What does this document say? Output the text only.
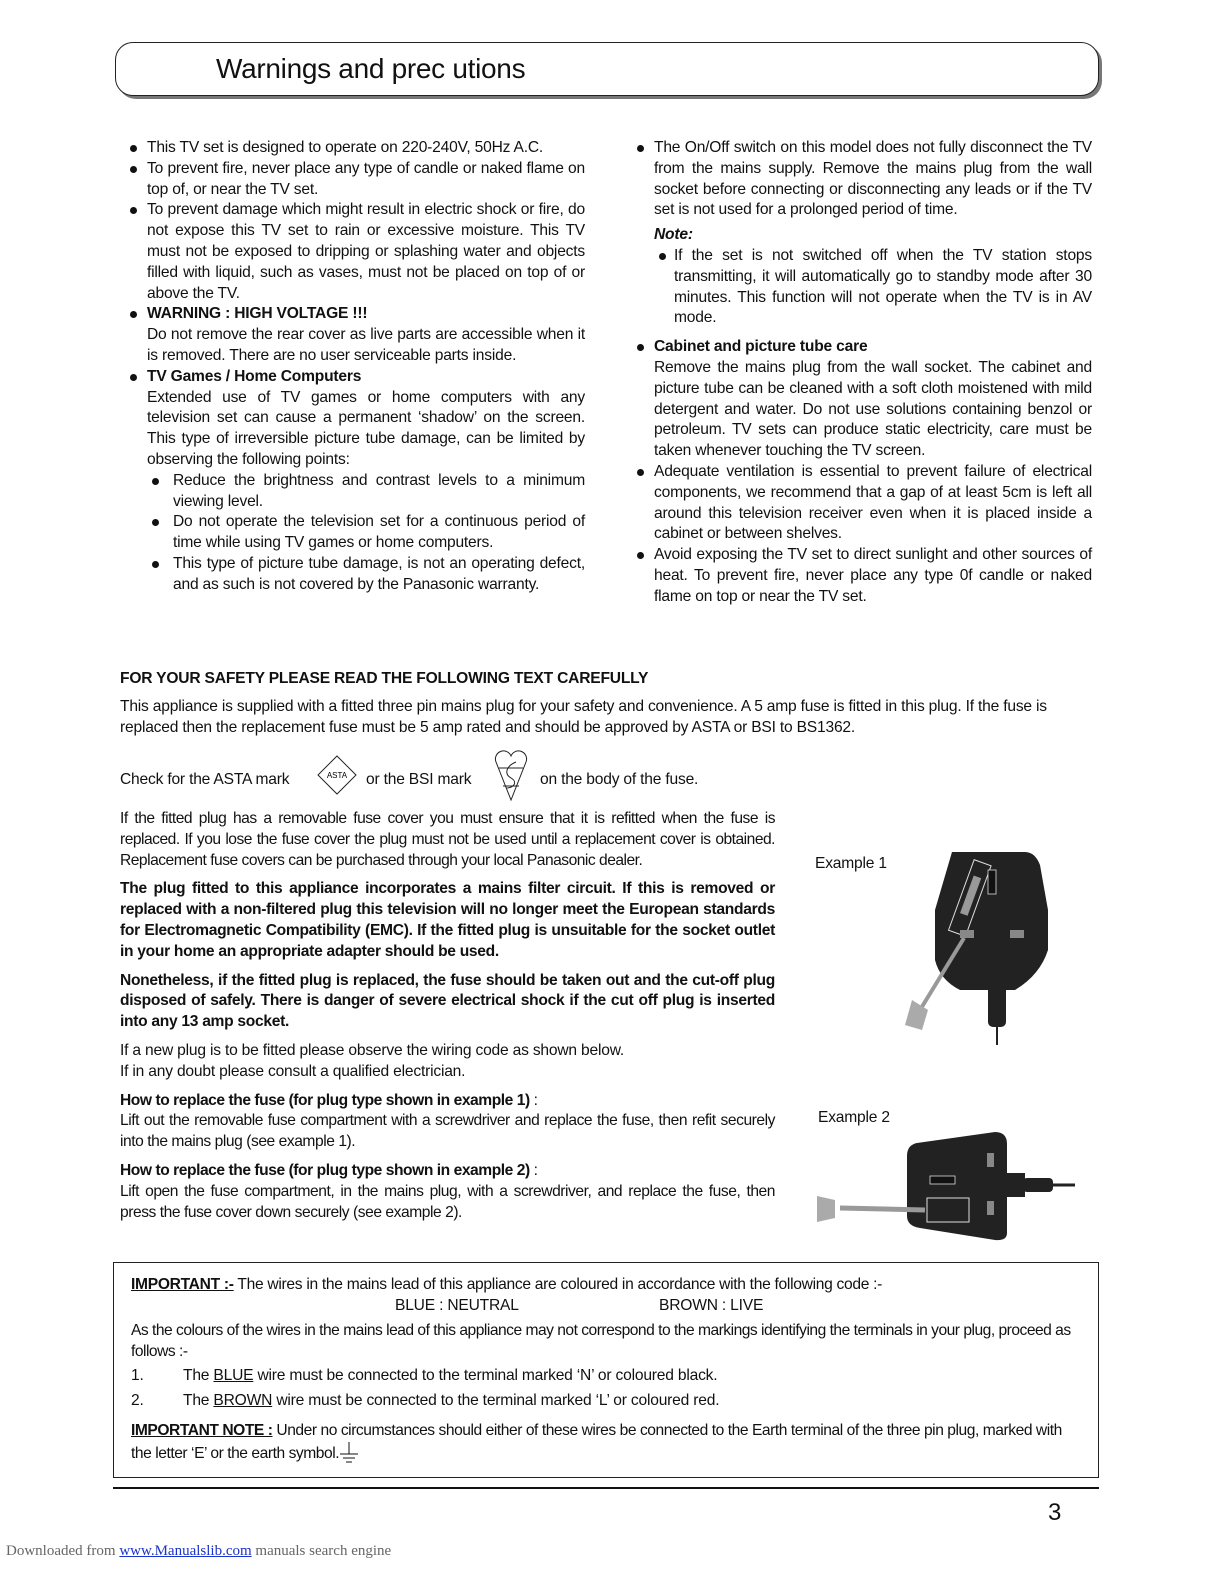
Warnings and prec utions
This TV set is designed to operate on 220-240V, 50Hz A.C.
To prevent fire, never place any type of candle or naked flame on top of, or near the TV set.
To prevent damage which might result in electric shock or fire, do not expose this TV set to rain or excessive moisture. This TV must not be exposed to dripping or splashing water and objects filled with liquid, such as vases, must not be placed on top of or above the TV.
WARNING : HIGH VOLTAGE !!!
Do not remove the rear cover as live parts are accessible when it is removed. There are no user serviceable parts inside.
TV Games / Home Computers
Extended use of TV games or home computers with any television set can cause a permanent ‘shadow’ on the screen. This type of irreversible picture tube damage, can be limited by observing the following points:
Reduce the brightness and contrast levels to a minimum viewing level.
Do not operate the television set for a continuous period of time while using TV games or home computers.
This type of picture tube damage, is not an operating defect, and as such is not covered by the Panasonic warranty.
The On/Off switch on this model does not fully disconnect the TV from the mains supply. Remove the mains plug from the wall socket before connecting or disconnecting any leads or if the TV set is not used for a prolonged period of time.
Note:
If the set is not switched off when the TV station stops transmitting, it will automatically go to standby mode after 30 minutes. This function will not operate when the TV is in AV mode.
Cabinet and picture tube care
Remove the mains plug from the wall socket. The cabinet and picture tube can be cleaned with a soft cloth moistened with mild detergent and water. Do not use solutions containing benzol or petroleum. TV sets can produce static electricity, care must be taken whenever touching the TV screen.
Adequate ventilation is essential to prevent failure of electrical components, we recommend that a gap of at least 5cm is left all around this television receiver even when it is placed inside a cabinet or between shelves.
Avoid exposing the TV set to direct sunlight and other sources of heat. To prevent fire, never place any type 0f candle or naked flame on top or near the TV set.
FOR YOUR SAFETY PLEASE READ THE FOLLOWING TEXT CAREFULLY
This appliance is supplied with a fitted three pin mains plug for your safety and convenience. A 5 amp fuse is fitted in this plug. If the fuse is replaced then the replacement fuse must be 5 amp rated and should be approved by ASTA or BSI to BS1362.
Check for the ASTA mark	ASTA or the BSI mark	on the body of the fuse.

If the fitted plug has a removable fuse cover you must ensure that it is refitted when the fuse is replaced. If you lose the fuse cover the plug must not be used until a replacement cover is obtained. Replacement fuse covers can be purchased through your local Panasonic dealer.

The plug fitted to this appliance incorporates a mains filter circuit. If this is removed or replaced with a non-filtered plug this television will no longer meet the European standards for Electromagnetic Compatibility (EMC). If the fitted plug is unsuitable for the socket outlet in your home an appropriate adapter should be used.

Nonetheless, if the fitted plug is replaced, the fuse should be taken out and the cut-off plug disposed of safely. There is danger of severe electrical shock if the cut off plug is inserted into any 13 amp socket.

If a new plug is to be fitted please observe the wiring code as shown below.
If in any doubt please consult a qualified electrician.

How to replace the fuse (for plug type shown in example 1) :
Lift out the removable fuse compartment with a screwdriver and replace the fuse, then refit securely into the mains plug (see example 1).

How to replace the fuse (for plug type shown in example 2) :
Lift open the fuse compartment, in the mains plug, with a screwdriver, and replace the fuse, then press the fuse cover down securely (see example 2).

Example 1
Example 2
IMPORTANT :- The wires in the mains lead of this appliance are coloured in accordance with the following code :-
BLUE : NEUTRAL	BROWN : LIVE
As the colours of the wires in the mains lead of this appliance may not correspond to the markings identifying the terminals in your plug, proceed as follows :-
1.	The BLUE wire must be connected to the terminal marked ‘N’ or coloured black.
2.	The BROWN wire must be connected to the terminal marked ‘L’ or coloured red.
IMPORTANT NOTE : Under no circumstances should either of these wires be connected to the Earth terminal of the three pin plug, marked with the letter ‘E’ or the earth symbol.
3
Downloaded from www.Manualslib.com manuals search engine
